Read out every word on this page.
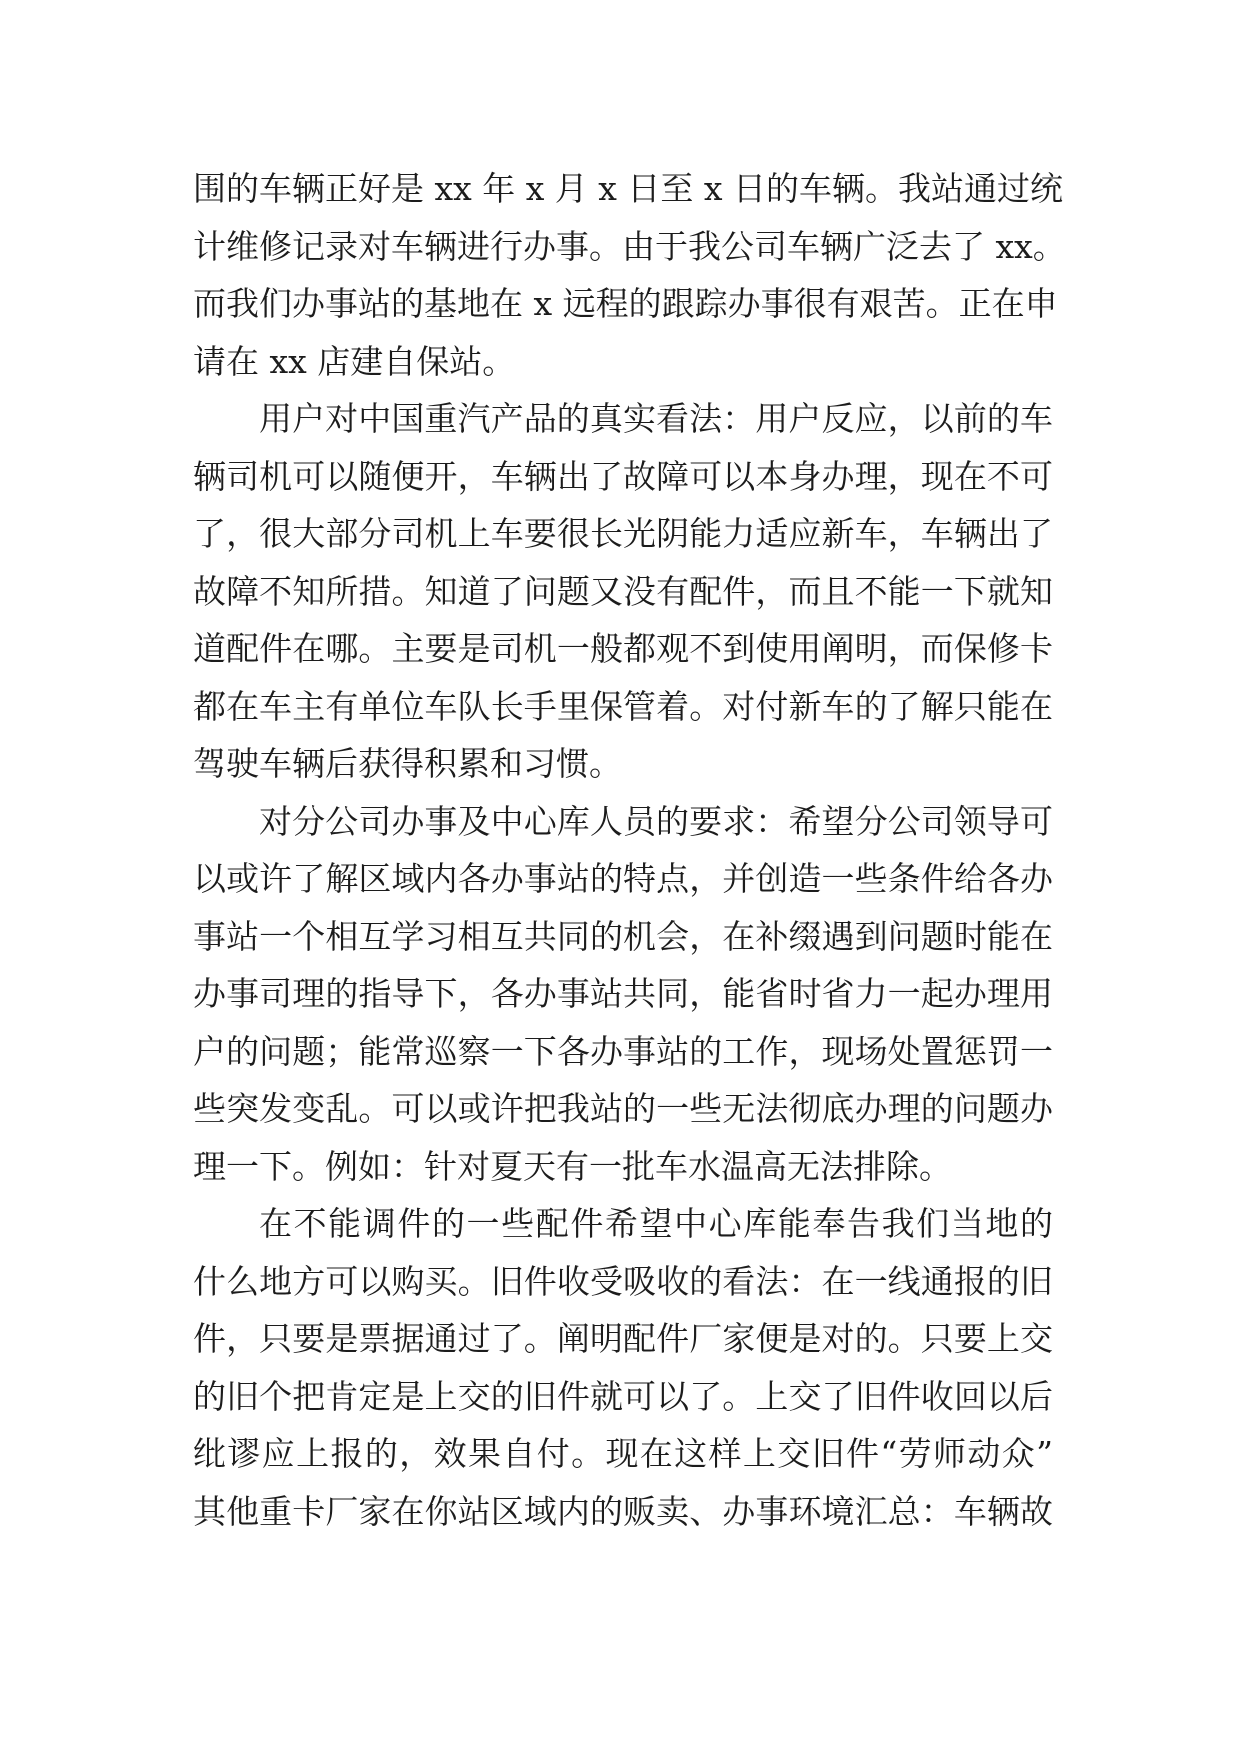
围的车辆正好是 xx 年 x 月 x 日至 x 日的车辆。我站通过统
计维修记录对车辆进行办事。由于我公司车辆广泛去了 xx。
而我们办事站的基地在 x 远程的跟踪办事很有艰苦。正在申
请在 xx 店建自保站。
用户对中国重汽产品的真实看法：用户反应，以前的车
辆司机可以随便开，车辆出了故障可以本身办理，现在不可
了，很大部分司机上车要很长光阴能力适应新车，车辆出了
故障不知所措。知道了问题又没有配件，而且不能一下就知
道配件在哪。主要是司机一般都观不到使用阐明，而保修卡
都在车主有单位车队长手里保管着。对付新车的了解只能在
驾驶车辆后获得积累和习惯。
对分公司办事及中心库人员的要求：希望分公司领导可
以或许了解区域内各办事站的特点，并创造一些条件给各办
事站一个相互学习相互共同的机会，在补缀遇到问题时能在
办事司理的指导下，各办事站共同，能省时省力一起办理用
户的问题；能常巡察一下各办事站的工作，现场处置惩罚一
些突发变乱。可以或许把我站的一些无法彻底办理的问题办
理一下。例如：针对夏天有一批车水温高无法排除。
在不能调件的一些配件希望中心库能奉告我们当地的
什么地方可以购买。旧件收受吸收的看法：在一线通报的旧
件，只要是票据通过了。阐明配件厂家便是对的。只要上交
的旧个把肯定是上交的旧件就可以了。上交了旧件收回以后
纰谬应上报的，效果自付。现在这样上交旧件“劳师动众”
其他重卡厂家在你站区域内的贩卖、办事环境汇总：车辆故
